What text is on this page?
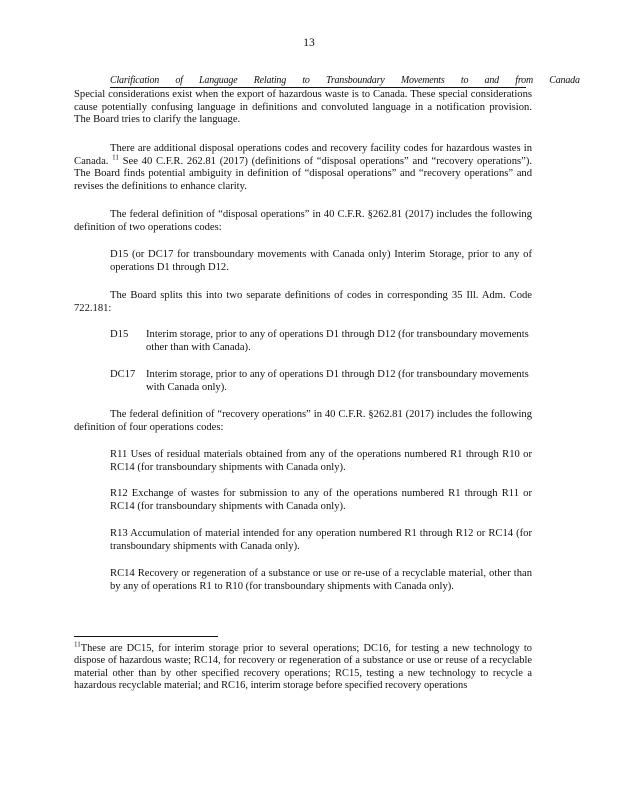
13
Clarification of Language Relating to Transboundary Movements to and from Canada

Special considerations exist when the export of hazardous waste is to Canada. These special considerations cause potentially confusing language in definitions and convoluted language in a notification provision. The Board tries to clarify the language.

There are additional disposal operations codes and recovery facility codes for hazardous wastes in Canada. $^{11}$ See 40 C.F.R. 262.81 (2017) (definitions of “disposal operations” and “recovery operations”). The Board finds potential ambiguity in definition of “disposal operations” and “recovery operations” and revises the definitions to enhance clarity.

The federal definition of “disposal operations” in 40 C.F.R. §262.81 (2017) includes the following definition of two operations codes:

D15 (or DC17 for transboundary movements with Canada only) Interim Storage, prior to any of operations D1 through D12.

The Board splits this into two separate definitions of codes in corresponding 35 Ill. Adm. Code 722.181:

D15	Interim storage, prior to any of operations D1 through D12 (for transboundary movements other than with Canada).
DC17	Interim storage, prior to any of operations D1 through D12 (for transboundary movements with Canada only).

The federal definition of “recovery operations” in 40 C.F.R. §262.81 (2017) includes the following definition of four operations codes:

R11 Uses of residual materials obtained from any of the operations numbered R1 through R10 or RC14 (for transboundary shipments with Canada only).

R12 Exchange of wastes for submission to any of the operations numbered R1 through R11 or RC14 (for transboundary shipments with Canada only).

R13 Accumulation of material intended for any operation numbered R1 through R12 or RC14 (for transboundary shipments with Canada only).

RC14 Recovery or regeneration of a substance or use or re-use of a recyclable material, other than by any of operations R1 to R10 (for transboundary shipments with Canada only).

$^{11}$These are DC15, for interim storage prior to several operations; DC16, for testing a new technology to dispose of hazardous waste; RC14, for recovery or regeneration of a substance or use or reuse of a recyclable material other than by other specified recovery operations; RC15, testing a new technology to recycle a hazardous recyclable material; and RC16, interim storage before specified recovery operations
